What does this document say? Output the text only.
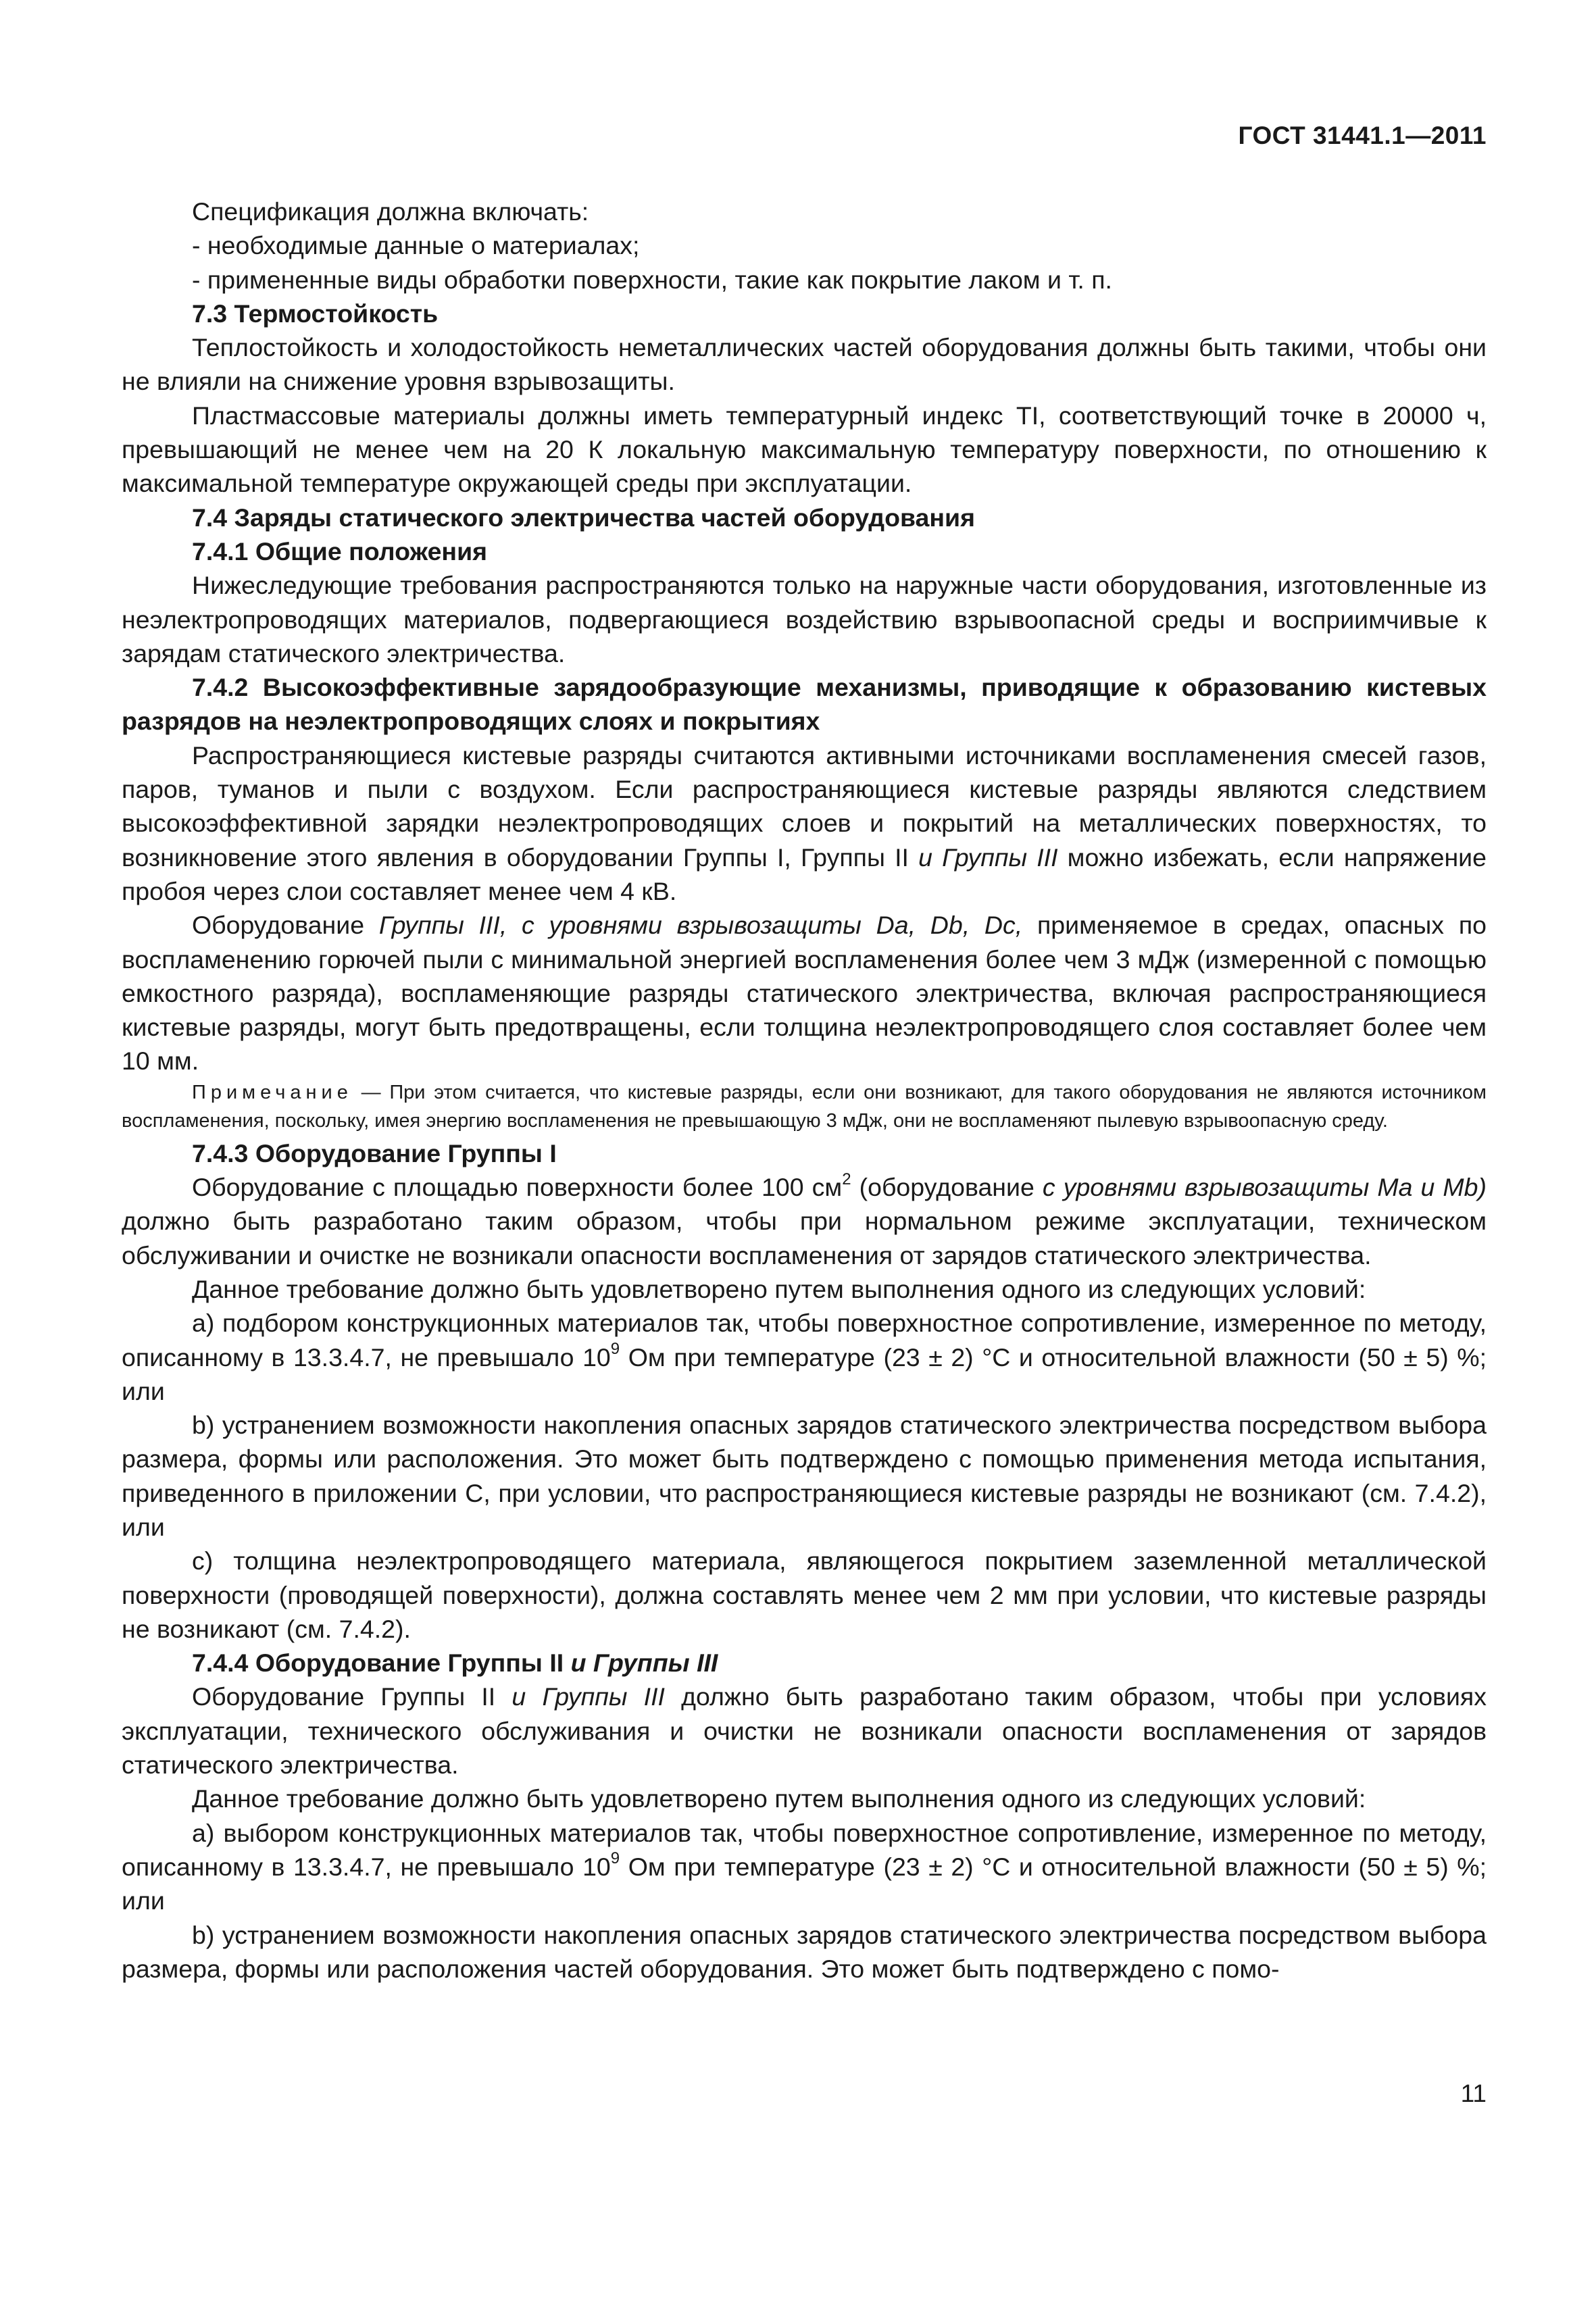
ГОСТ 31441.1—2011

Спецификация должна включать:

- необходимые данные о материалах;

- примененные виды обработки поверхности, такие как покрытие лаком и т. п.

7.3 Термостойкость

Теплостойкость и холодостойкость неметаллических частей оборудования должны быть такими, чтобы они не влияли на снижение уровня взрывозащиты.

Пластмассовые материалы должны иметь температурный индекс TI, соответствующий точке в 20000 ч, превышающий не менее чем на 20 К локальную максимальную температуру поверхности, по отношению к максимальной температуре окружающей среды при эксплуатации.

7.4 Заряды статического электричества частей оборудования
7.4.1 Общие положения

Нижеследующие требования распространяются только на наружные части оборудования, изготовленные из неэлектропроводящих материалов, подвергающиеся воздействию взрывоопасной среды и восприимчивые к зарядам статического электричества.

7.4.2 Высокоэффективные зарядообразующие механизмы, приводящие к образованию кистевых разрядов на неэлектропроводящих слоях и покрытиях

Распространяющиеся кистевые разряды считаются активными источниками воспламенения смесей газов, паров, туманов и пыли с воздухом. Если распространяющиеся кистевые разряды являются следствием высокоэффективной зарядки неэлектропроводящих слоев и покрытий на металлических поверхностях, то возникновение этого явления в оборудовании Группы I, Группы II и Группы III можно избежать, если напряжение пробоя через слои составляет менее чем 4 кВ.

Оборудование Группы III, с уровнями взрывозащиты Da, Db, Dc, применяемое в средах, опасных по воспламенению горючей пыли с минимальной энергией воспламенения более чем 3 мДж (измеренной с помощью емкостного разряда), воспламеняющие разряды статического электричества, включая распространяющиеся кистевые разряды, могут быть предотвращены, если толщина неэлектропроводящего слоя составляет более чем 10 мм.

Примечание — При этом считается, что кистевые разряды, если они возникают, для такого оборудования не являются источником воспламенения, поскольку, имея энергию воспламенения не превышающую 3 мДж, они не воспламеняют пылевую взрывоопасную среду.

7.4.3 Оборудование Группы I

Оборудование с площадью поверхности более 100 $см^2$ (оборудование с уровнями взрывозащиты Ma и Mb) должно быть разработано таким образом, чтобы при нормальном режиме эксплуатации, техническом обслуживании и очистке не возникали опасности воспламенения от зарядов статического электричества.

Данное требование должно быть удовлетворено путем выполнения одного из следующих условий:

а) подбором конструкционных материалов так, чтобы поверхностное сопротивление, измеренное по методу, описанному в 13.3.4.7, не превышало $10^9$ Ом при температуре (23 ± 2) °С и относительной влажности (50 ± 5) %; или

b) устранением возможности накопления опасных зарядов статического электричества посредством выбора размера, формы или расположения. Это может быть подтверждено с помощью применения метода испытания, приведенного в приложении С, при условии, что распространяющиеся кистевые разряды не возникают (см. 7.4.2), или

с) толщина неэлектропроводящего материала, являющегося покрытием заземленной металлической поверхности (проводящей поверхности), должна составлять менее чем 2 мм при условии, что кистевые разряды не возникают (см. 7.4.2).

7.4.4 Оборудование Группы II и Группы III

Оборудование Группы II и Группы III должно быть разработано таким образом, чтобы при условиях эксплуатации, технического обслуживания и очистки не возникали опасности воспламенения от зарядов статического электричества.

Данное требование должно быть удовлетворено путем выполнения одного из следующих условий:

а) выбором конструкционных материалов так, чтобы поверхностное сопротивление, измеренное по методу, описанному в 13.3.4.7, не превышало $10^9$ Ом при температуре (23 ± 2) °С и относительной влажности (50 ± 5) %; или

b) устранением возможности накопления опасных зарядов статического электричества посредством выбора размера, формы или расположения частей оборудования. Это может быть подтверждено с помо-

11
